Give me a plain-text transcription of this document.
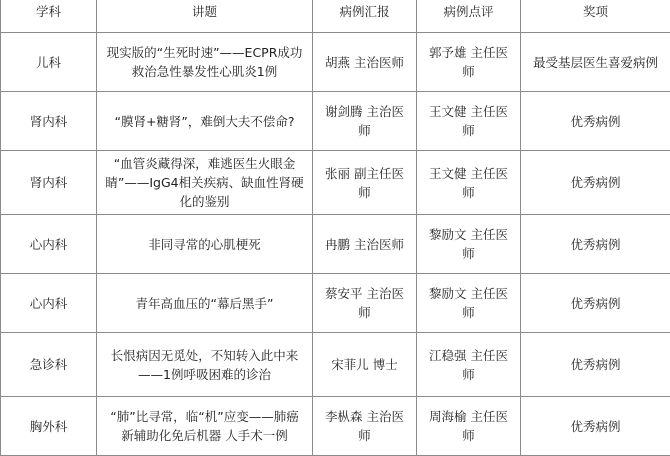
学科	讲题	病例汇报	病例点评	奖项
儿科	现实版的“生死时速”——ECPR成功救治急性暴发性心肌炎1例	胡燕 主治医师	郭予雄 主任医师	最受基层医生喜爱病例
肾内科	“膜肾+糖肾”，难倒大夫不偿命?	谢剑腾 主治医师	王文健 主任医师	优秀病例
肾内科	“血管炎藏得深，难逃医生火眼金睛”——IgG4相关疾病、缺血性肾硬化的鉴别	张丽 副主任医师	王文健 主任医师	优秀病例
心内科	非同寻常的心肌梗死	冉鹏 主治医师	黎励文 主任医师	优秀病例
心内科	青年高血压的“幕后黑手”	蔡安平 主治医师	黎励文 主任医师	优秀病例
急诊科	长恨病因无觅处，不知转入此中来——1例呼吸困难的诊治	宋菲儿 博士	江稳强 主任医师	优秀病例
胸外科	“肺”比寻常，临“机”应变——肺癌新辅助化免后机器 人手术一例	李枞森 主治医师	周海榆 主任医师	优秀病例
